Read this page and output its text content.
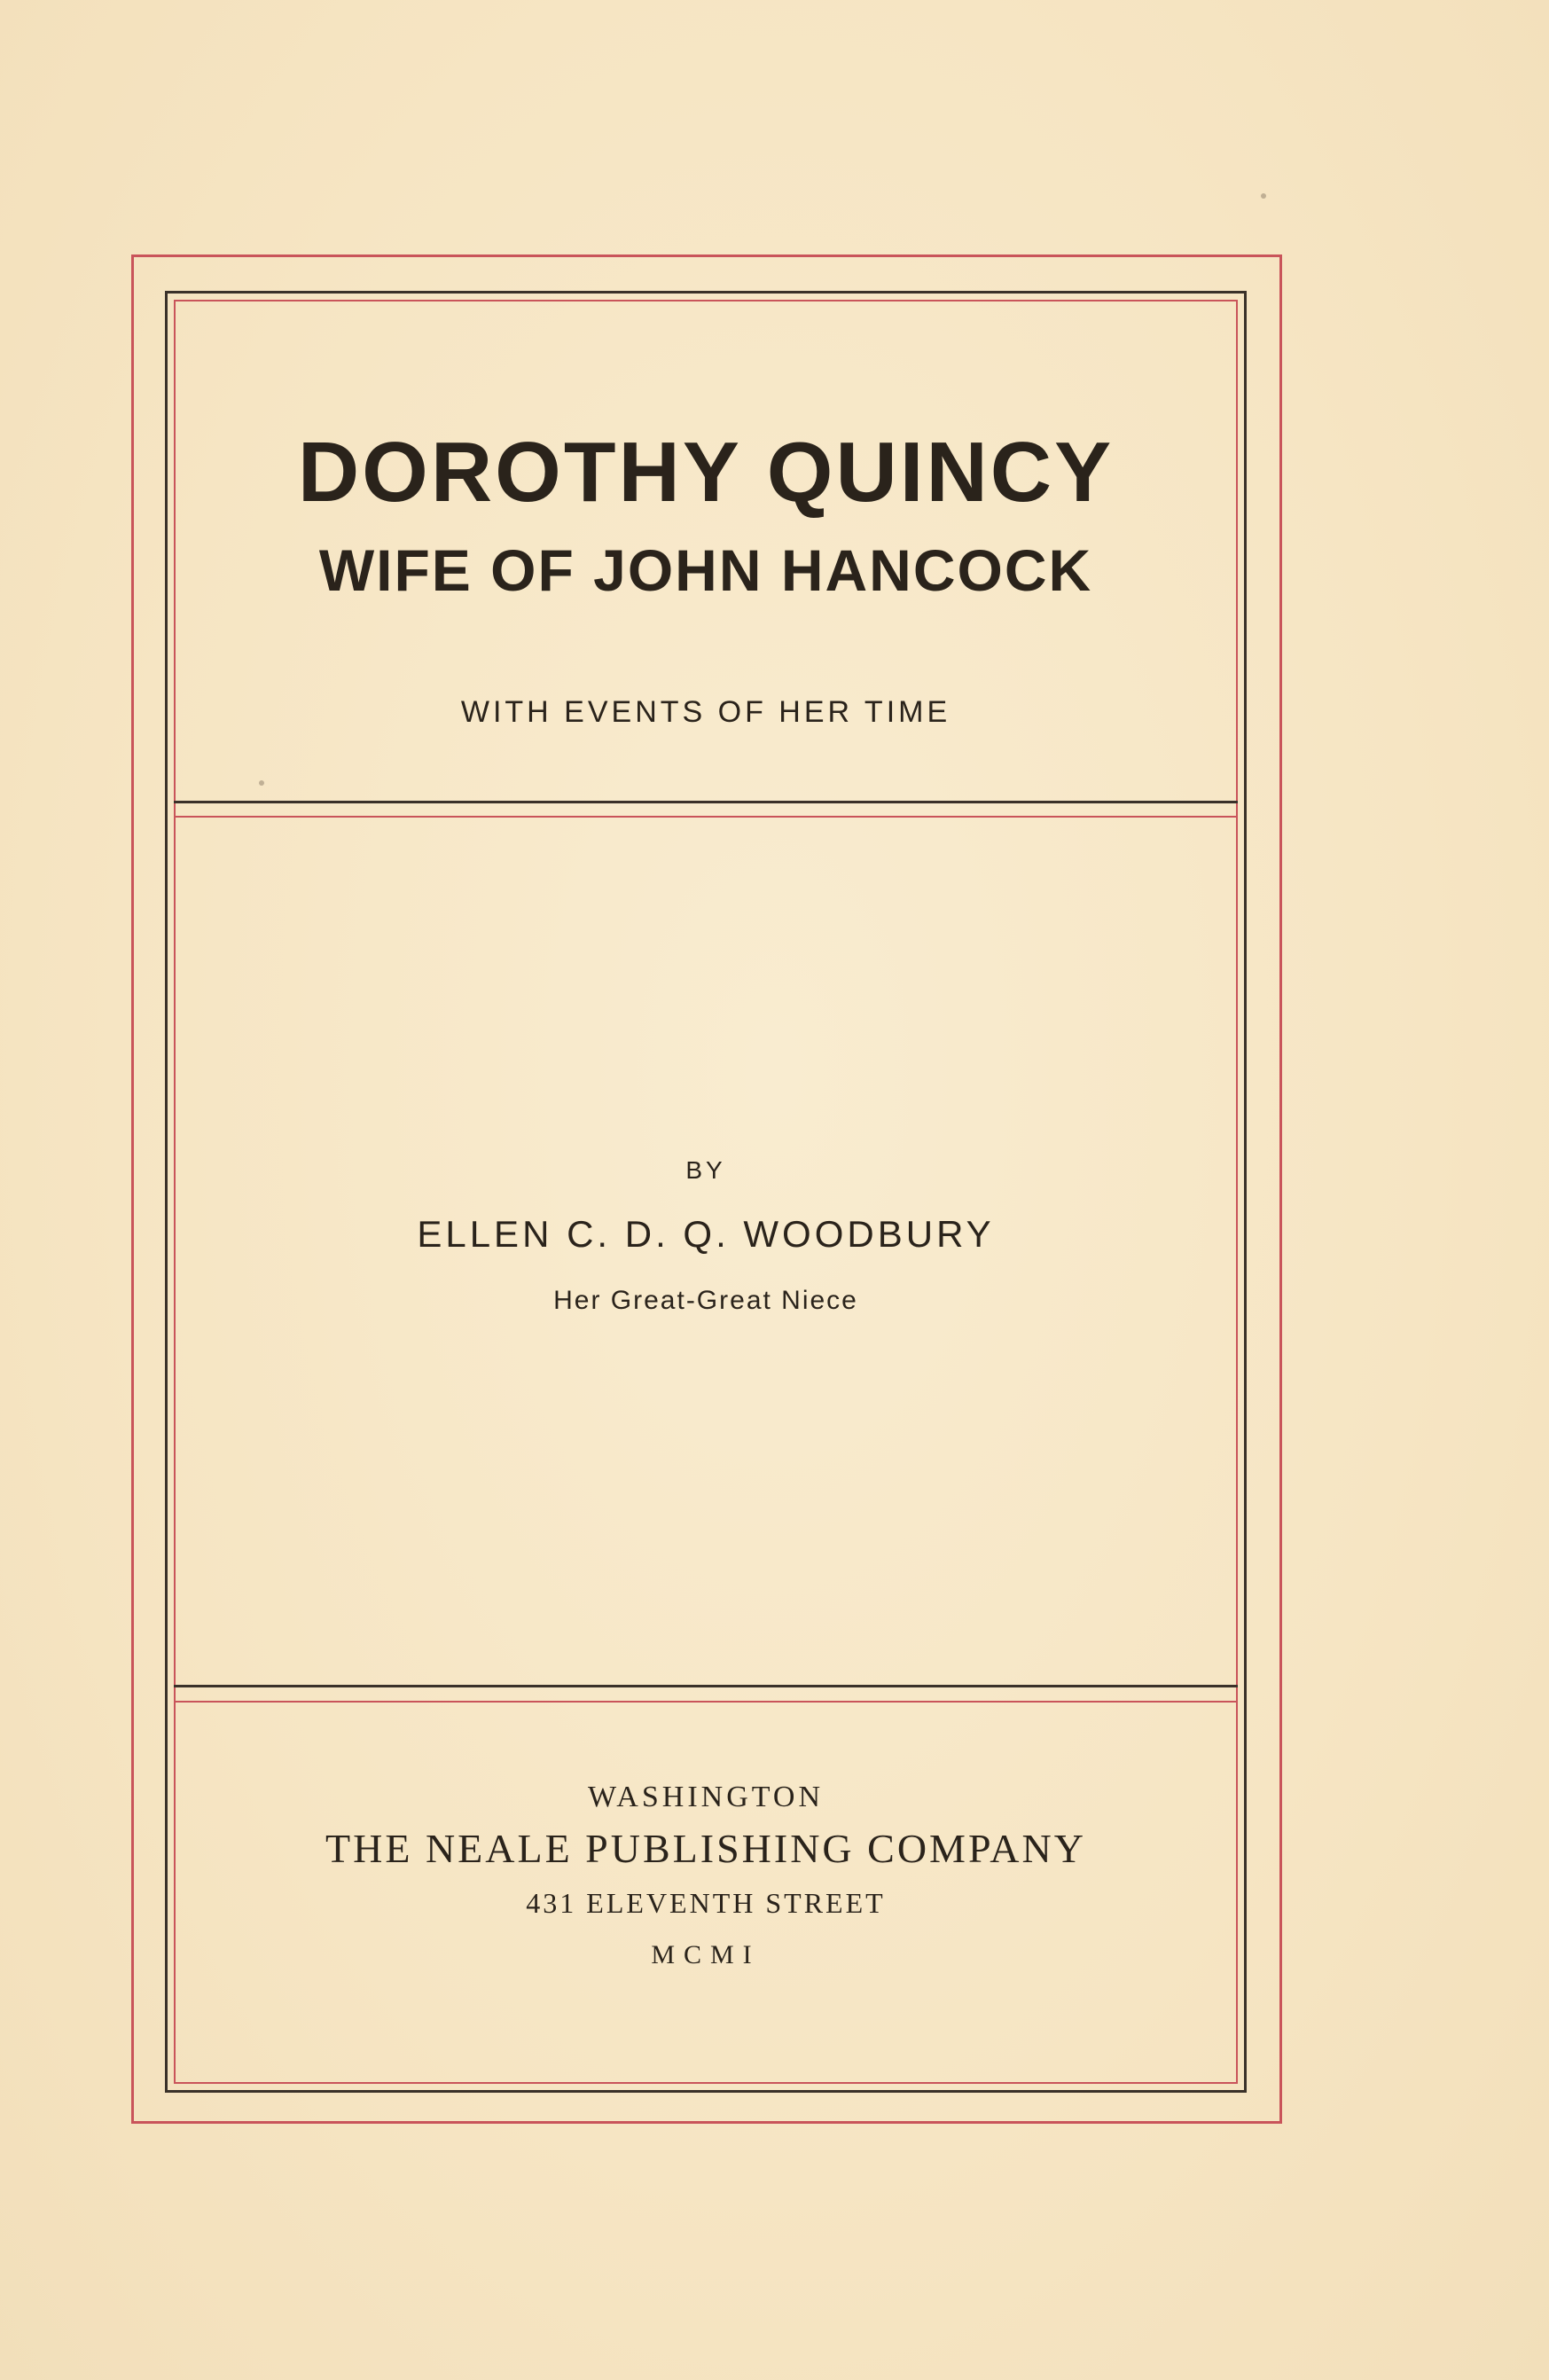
DOROTHY QUINCY
WIFE OF JOHN HANCOCK

WITH EVENTS OF HER TIME

BY

ELLEN C. D. Q. WOODBURY

Her Great-Great Niece

WASHINGTON

THE NEALE PUBLISHING COMPANY

431 ELEVENTH STREET

MCMI
